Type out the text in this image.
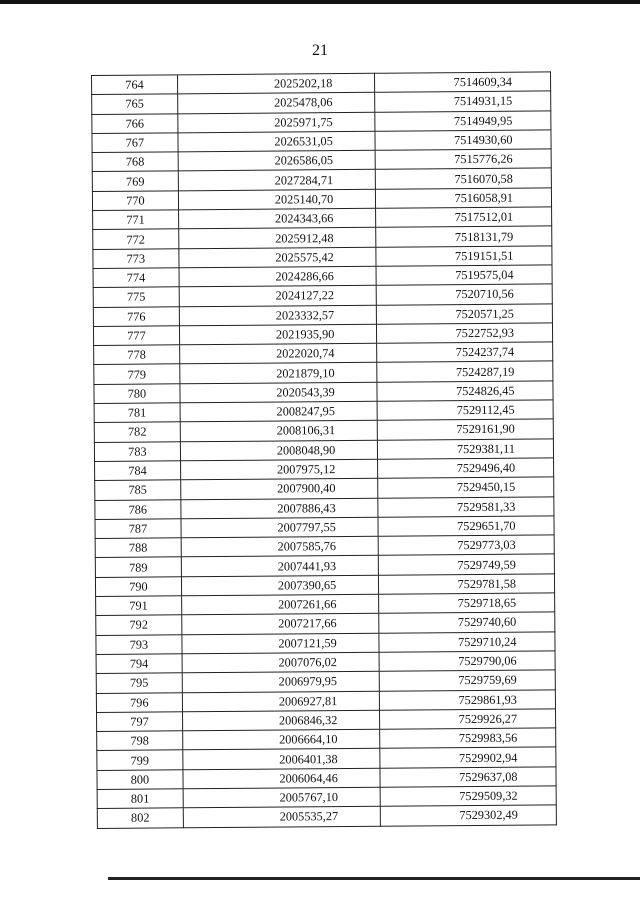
21
764	2025202,18	7514609,34
765	2025478,06	7514931,15
766	2025971,75	7514949,95
767	2026531,05	7514930,60
768	2026586,05	7515776,26
769	2027284,71	7516070,58
770	2025140,70	7516058,91
771	2024343,66	7517512,01
772	2025912,48	7518131,79
773	2025575,42	7519151,51
774	2024286,66	7519575,04
775	2024127,22	7520710,56
776	2023332,57	7520571,25
777	2021935,90	7522752,93
778	2022020,74	7524237,74
779	2021879,10	7524287,19
780	2020543,39	7524826,45
781	2008247,95	7529112,45
782	2008106,31	7529161,90
783	2008048,90	7529381,11
784	2007975,12	7529496,40
785	2007900,40	7529450,15
786	2007886,43	7529581,33
787	2007797,55	7529651,70
788	2007585,76	7529773,03
789	2007441,93	7529749,59
790	2007390,65	7529781,58
791	2007261,66	7529718,65
792	2007217,66	7529740,60
793	2007121,59	7529710,24
794	2007076,02	7529790,06
795	2006979,95	7529759,69
796	2006927,81	7529861,93
797	2006846,32	7529926,27
798	2006664,10	7529983,56
799	2006401,38	7529902,94
800	2006064,46	7529637,08
801	2005767,10	7529509,32
802	2005535,27	7529302,49
